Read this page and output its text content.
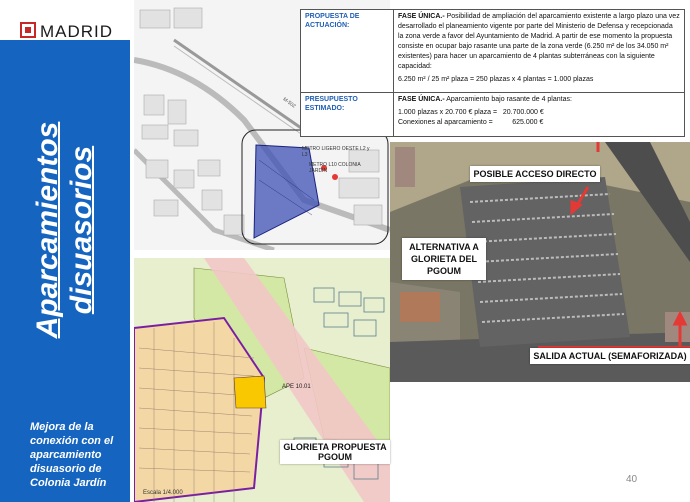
MADRID
Aparcamientos
disuasorios
Mejora de la conexión con el aparcamiento disuasorio de Colonia Jardín
METRO LIGERO OESTE L2 y L3
METRO L10 COLONIA JARDÍN
M-502
PROPUESTA DE ACTUACIÓN:
FASE ÚNICA.- Posibilidad de ampliación del aparcamiento existente a largo plazo una vez desarrollado el planeamiento vigente por parte del Ministerio de Defensa y recepcionada la zona verde a favor del Ayuntamiento de Madrid. A partir de ese momento la propuesta consiste en ocupar bajo rasante una parte de la zona verde (6.250 m² de los 34.050 m² existentes) para hacer un aparcamiento de 4 plantas subterráneas con la siguiente capacidad:
6.250 m² / 25 m² plaza = 250 plazas x 4 plantas = 1.000 plazas
PRESUPUESTO ESTIMADO:
FASE ÚNICA.- Aparcamiento bajo rasante de 4 plantas:
1.000 plazas x 20.700 € plaza =   20.700.000 €
Conexiones al aparcamiento =          625.000 €
APE 10.01
GLORIETA PROPUESTA PGOUM
Escala 1/4.000
POSIBLE ACCESO DIRECTO
ALTERNATIVA A GLORIETA DEL PGOUM
SALIDA ACTUAL (SEMAFORIZADA)
40
